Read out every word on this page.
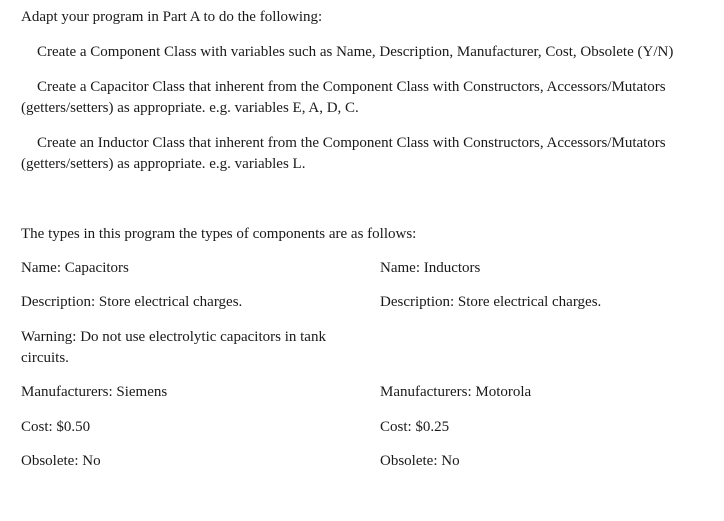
Adapt your program in Part A to do the following:
Create a Component Class with variables such as Name, Description, Manufacturer, Cost, Obsolete (Y/N)
Create a Capacitor Class that inherent from the Component Class with Constructors, Accessors/Mutators
(getters/setters) as appropriate. e.g. variables E, A, D, C.
Create an Inductor Class that inherent from the Component Class with Constructors, Accessors/Mutators
(getters/setters) as appropriate. e.g. variables L.
The types in this program the types of components are as follows:
Name: Capacitors
Description: Store electrical charges.
Warning: Do not use electrolytic capacitors in tank
circuits.
Manufacturers: Siemens
Cost: $0.50
Obsolete: No
Name: Inductors
Description: Store electrical charges.
Manufacturers: Motorola
Cost: $0.25
Obsolete: No
